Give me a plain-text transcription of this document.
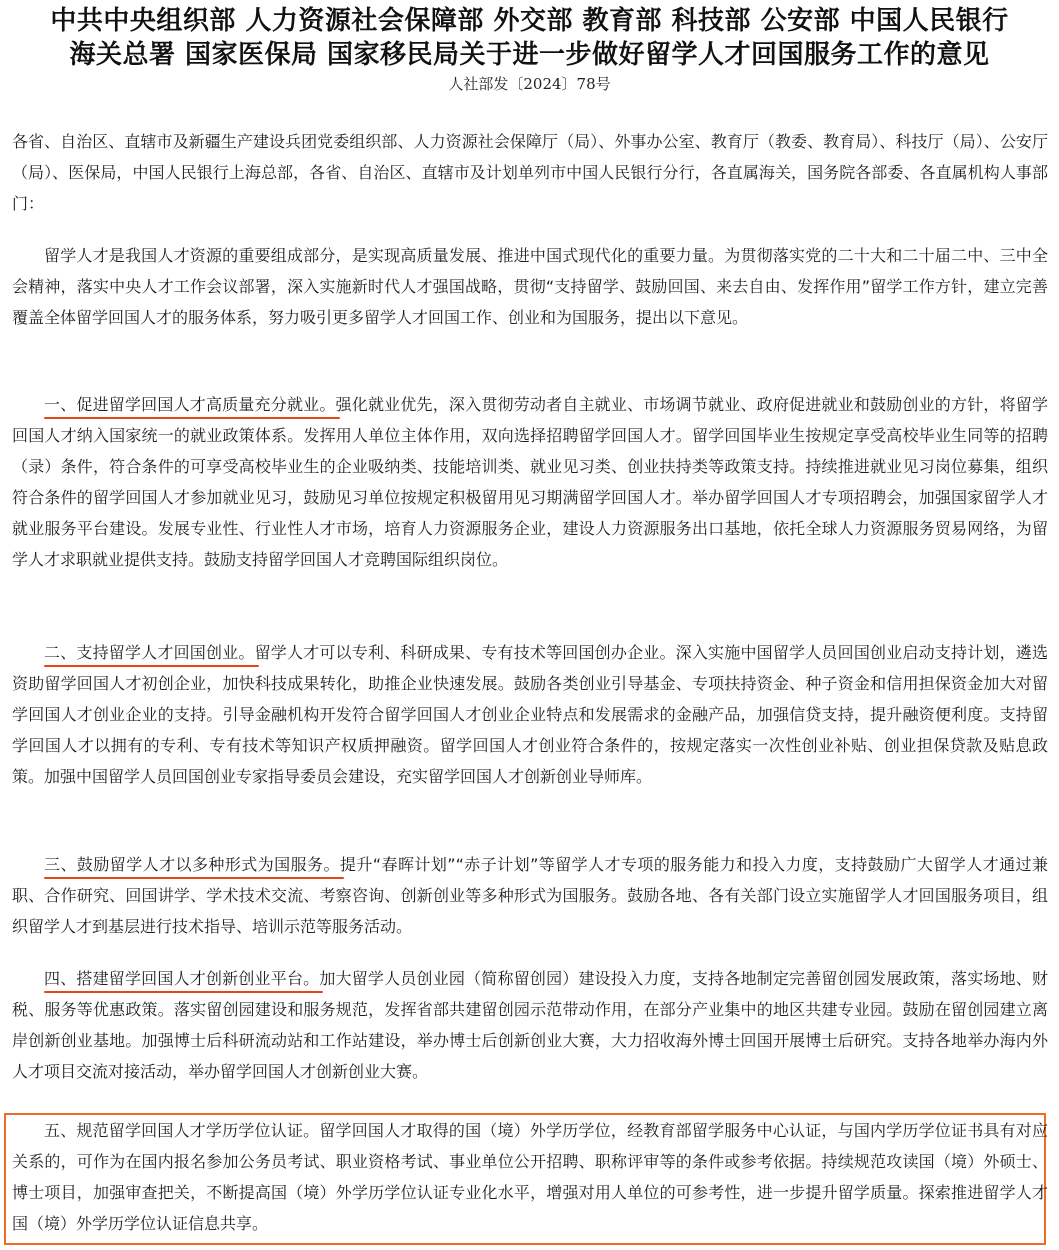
中共中央组织部 人力资源社会保障部 外交部 教育部 科技部 公安部 中国人民银行
海关总署 国家医保局 国家移民局关于进一步做好留学人才回国服务工作的意见
人社部发〔2024〕78号

各省、自治区、直辖市及新疆生产建设兵团党委组织部、人力资源社会保障厅（局）、外事办公室、教育厅（教委、教育局）、科技厅（局）、公安厅（局）、医保局，中国人民银行上海总部，各省、自治区、直辖市及计划单列市中国人民银行分行，各直属海关，国务院各部委、各直属机构人事部门：

留学人才是我国人才资源的重要组成部分，是实现高质量发展、推进中国式现代化的重要力量。为贯彻落实党的二十大和二十届二中、三中全会精神，落实中央人才工作会议部署，深入实施新时代人才强国战略，贯彻“支持留学、鼓励回国、来去自由、发挥作用”留学工作方针，建立完善覆盖全体留学回国人才的服务体系，努力吸引更多留学人才回国工作、创业和为国服务，提出以下意见。

一、促进留学回国人才高质量充分就业。
强化就业优先，深入贯彻劳动者自主就业、市场调节就业、政府促进就业和鼓励创业的方针，将留学回国人才纳入国家统一的就业政策体系。发挥用人单位主体作用，双向选择招聘留学回国人才。留学回国毕业生按规定享受高校毕业生同等的招聘（录）条件，符合条件的可享受高校毕业生的企业吸纳类、技能培训类、就业见习类、创业扶持类等政策支持。持续推进就业见习岗位募集，组织符合条件的留学回国人才参加就业见习，鼓励见习单位按规定积极留用见习期满留学回国人才。举办留学回国人才专项招聘会，加强国家留学人才就业服务平台建设。发展专业性、行业性人才市场，培育人力资源服务企业，建设人力资源服务出口基地，依托全球人力资源服务贸易网络，为留学人才求职就业提供支持。鼓励支持留学回国人才竞聘国际组织岗位。

二、支持留学人才回国创业。
留学人才可以专利、科研成果、专有技术等回国创办企业。深入实施中国留学人员回国创业启动支持计划，遴选资助留学回国人才初创企业，加快科技成果转化，助推企业快速发展。鼓励各类创业引导基金、专项扶持资金、种子资金和信用担保资金加大对留学回国人才创业企业的支持。引导金融机构开发符合留学回国人才创业企业特点和发展需求的金融产品，加强信贷支持，提升融资便利度。支持留学回国人才以拥有的专利、专有技术等知识产权质押融资。留学回国人才创业符合条件的，按规定落实一次性创业补贴、创业担保贷款及贴息政策。加强中国留学人员回国创业专家指导委员会建设，充实留学回国人才创新创业导师库。

三、鼓励留学人才以多种形式为国服务。
提升“春晖计划”“赤子计划”等留学人才专项的服务能力和投入力度，支持鼓励广大留学人才通过兼职、合作研究、回国讲学、学术技术交流、考察咨询、创新创业等多种形式为国服务。鼓励各地、各有关部门设立实施留学人才回国服务项目，组织留学人才到基层进行技术指导、培训示范等服务活动。

四、搭建留学回国人才创新创业平台。
加大留学人员创业园（简称留创园）建设投入力度，支持各地制定完善留创园发展政策，落实场地、财税、服务等优惠政策。落实留创园建设和服务规范，发挥省部共建留创园示范带动作用，在部分产业集中的地区共建专业园。鼓励在留创园建立离岸创新创业基地。加强博士后科研流动站和工作站建设，举办博士后创新创业大赛，大力招收海外博士回国开展博士后研究。支持各地举办海内外人才项目交流对接活动，举办留学回国人才创新创业大赛。

五、规范留学回国人才学历学位认证。留学回国人才取得的国（境）外学历学位，经教育部留学服务中心认证，与国内学历学位证书具有对应关系的，可作为在国内报名参加公务员考试、职业资格考试、事业单位公开招聘、职称评审等的条件或参考依据。持续规范攻读国（境）外硕士、博士项目，加强审查把关，不断提高国（境）外学历学位认证专业化水平，增强对用人单位的可参考性，进一步提升留学质量。探索推进留学人才国（境）外学历学位认证信息共享。
